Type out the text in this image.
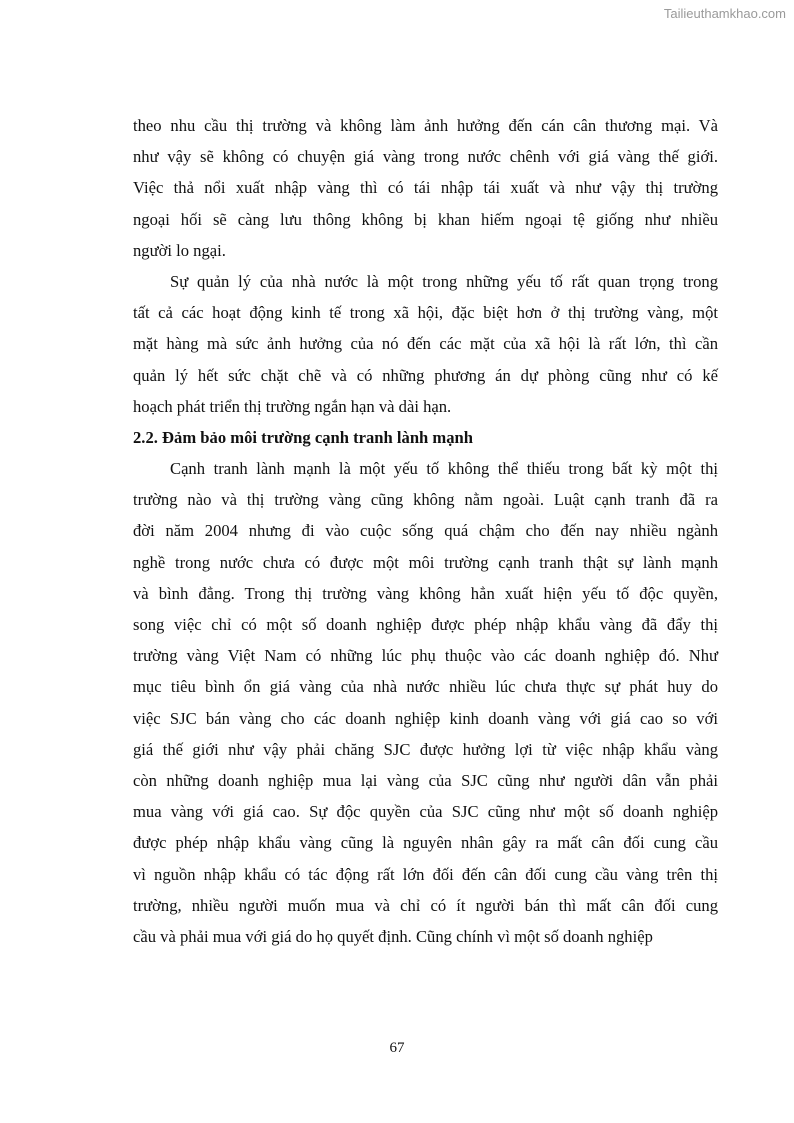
Tailieuthamkhao.com
theo nhu cầu thị trường và không làm ảnh hưởng đến cán cân thương mại. Và
như vậy sẽ không có chuyện giá vàng trong nước chênh với giá vàng thế giới.
Việc thả nổi xuất nhập vàng thì có tái nhập tái xuất và như vậy thị trường
ngoại hối sẽ càng lưu thông không bị khan hiếm ngoại tệ giống như nhiều
người lo ngại.
Sự quản lý của nhà nước là một trong những yếu tố rất quan trọng trong
tất cả các hoạt động kinh tế trong xã hội, đặc biệt hơn ở thị trường vàng, một
mặt hàng mà sức ảnh hưởng của nó đến các mặt của xã hội là rất lớn, thì cần
quản lý hết sức chặt chẽ và có những phương án dự phòng cũng như có kế
hoạch phát triển thị trường ngắn hạn và dài hạn.
2.2. Đảm bảo môi trường cạnh tranh lành mạnh
Cạnh tranh lành mạnh là một yếu tố không thể thiếu trong bất kỳ một thị
trường nào và thị trường vàng cũng không nằm ngoài. Luật cạnh tranh đã ra
đời năm 2004 nhưng đi vào cuộc sống quá chậm cho đến nay nhiều ngành
nghề trong nước chưa có được một môi trường cạnh tranh thật sự lành mạnh
và bình đẳng. Trong thị trường vàng không hẳn xuất hiện yếu tố độc quyền,
song việc chỉ có một số doanh nghiệp được phép nhập khẩu vàng đã đẩy thị
trường vàng Việt Nam có những lúc phụ thuộc vào các doanh nghiệp đó. Như
mục tiêu bình ổn giá vàng của nhà nước nhiều lúc chưa thực sự phát huy do
việc SJC bán vàng cho các doanh nghiệp kinh doanh vàng với giá cao so với
giá thế giới như vậy phải chăng SJC được hưởng lợi từ việc nhập khẩu vàng
còn những doanh nghiệp mua lại vàng của SJC cũng như người dân vẫn phải
mua vàng với giá cao. Sự độc quyền của SJC cũng như một số doanh nghiệp
được phép nhập khẩu vàng cũng là nguyên nhân gây ra mất cân đối cung cầu
vì nguồn nhập khẩu có tác động rất lớn đối đến cân đối cung cầu vàng trên thị
trường, nhiều người muốn mua và chỉ có ít người bán thì mất cân đối cung
cầu và phải mua với giá do họ quyết định. Cũng chính vì một số doanh nghiệp
67
